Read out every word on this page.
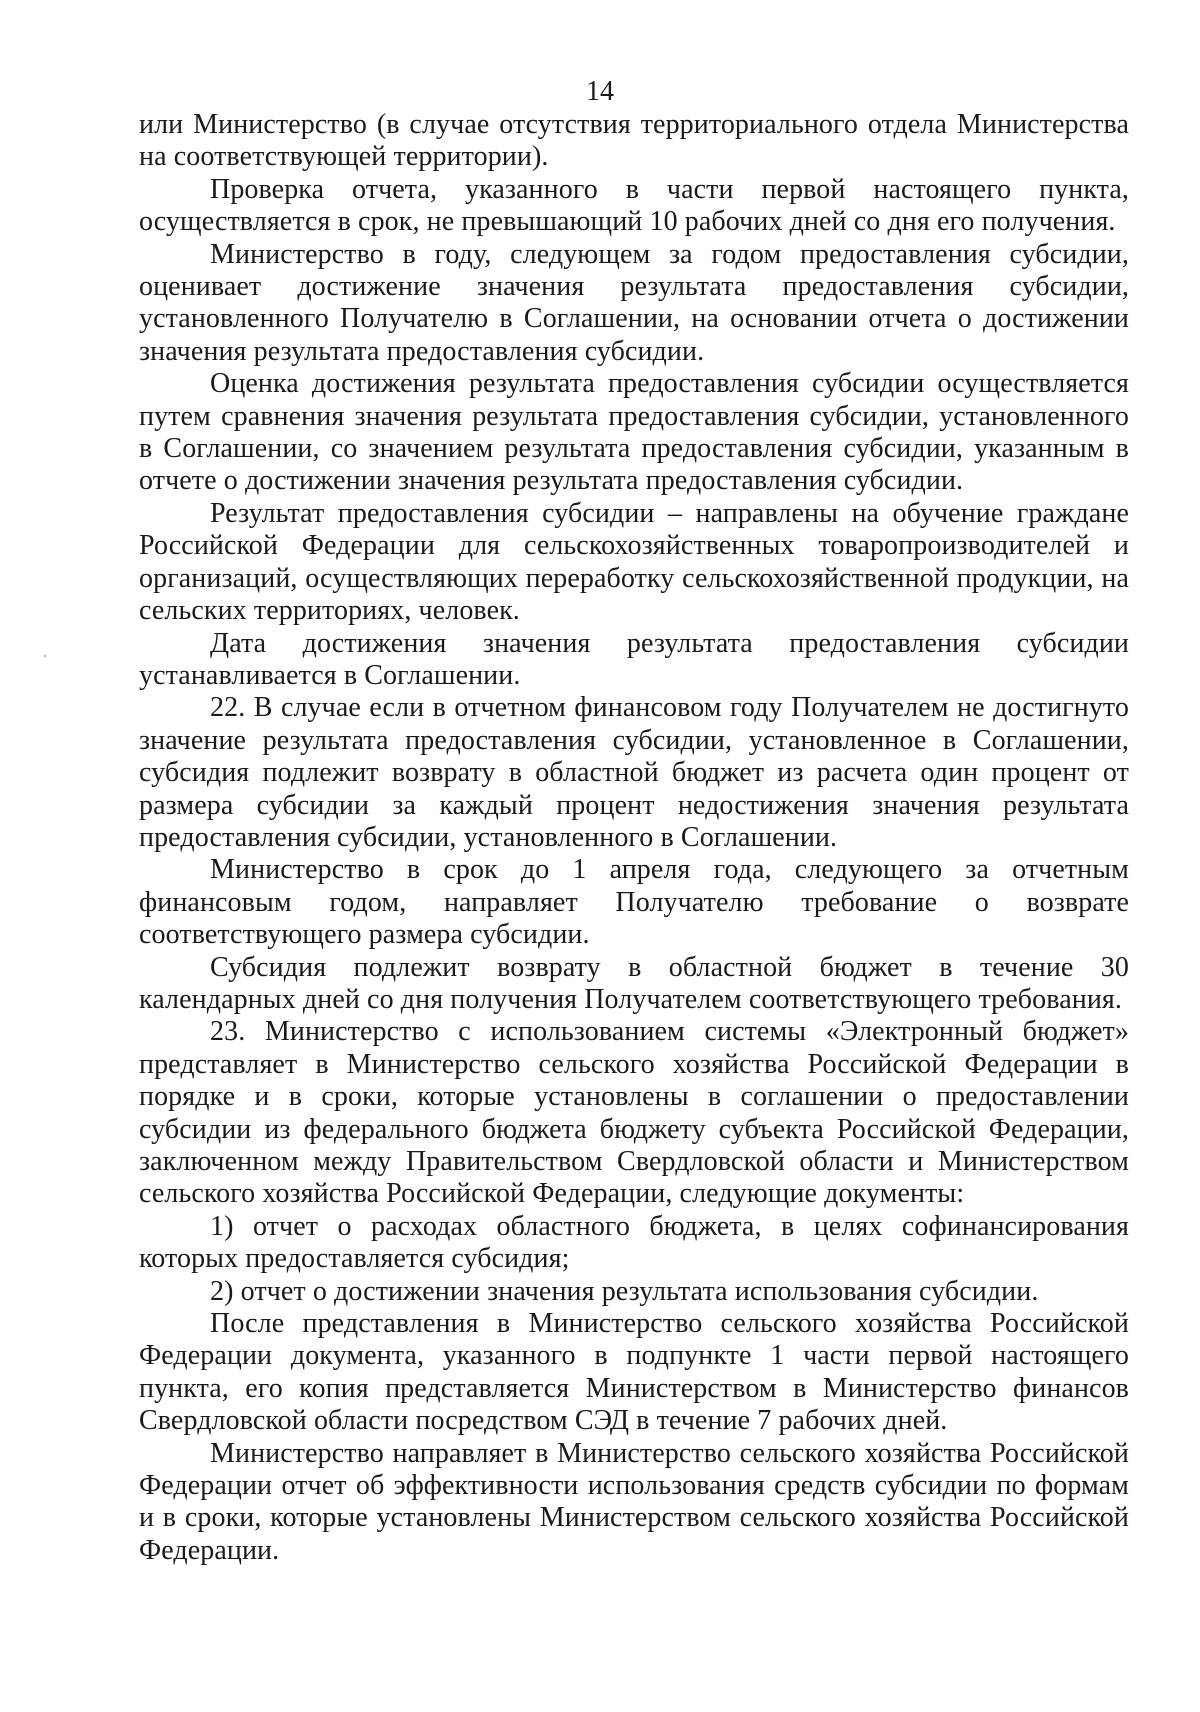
14

или Министерство (в случае отсутствия территориального отдела Министерства на соответствующей территории).

Проверка отчета, указанного в части первой настоящего пункта, осуществляется в срок, не превышающий 10 рабочих дней со дня его получения.

Министерство в году, следующем за годом предоставления субсидии, оценивает достижение значения результата предоставления субсидии, установленного Получателю в Соглашении, на основании отчета о достижении значения результата предоставления субсидии.

Оценка достижения результата предоставления субсидии осуществляется путем сравнения значения результата предоставления субсидии, установленного в Соглашении, со значением результата предоставления субсидии, указанным в отчете о достижении значения результата предоставления субсидии.

Результат предоставления субсидии – направлены на обучение граждане Российской Федерации для сельскохозяйственных товаропроизводителей и организаций, осуществляющих переработку сельскохозяйственной продукции, на сельских территориях, человек.

Дата достижения значения результата предоставления субсидии устанавливается в Соглашении.

22. В случае если в отчетном финансовом году Получателем не достигнуто значение результата предоставления субсидии, установленное в Соглашении, субсидия подлежит возврату в областной бюджет из расчета один процент от размера субсидии за каждый процент недостижения значения результата предоставления субсидии, установленного в Соглашении.

Министерство в срок до 1 апреля года, следующего за отчетным финансовым годом, направляет Получателю требование о возврате соответствующего размера субсидии.

Субсидия подлежит возврату в областной бюджет в течение 30 календарных дней со дня получения Получателем соответствующего требования.

23. Министерство с использованием системы «Электронный бюджет» представляет в Министерство сельского хозяйства Российской Федерации в порядке и в сроки, которые установлены в соглашении о предоставлении субсидии из федерального бюджета бюджету субъекта Российской Федерации, заключенном между Правительством Свердловской области и Министерством сельского хозяйства Российской Федерации, следующие документы:

1) отчет о расходах областного бюджета, в целях софинансирования которых предоставляется субсидия;

2) отчет о достижении значения результата использования субсидии.

После представления в Министерство сельского хозяйства Российской Федерации документа, указанного в подпункте 1 части первой настоящего пункта, его копия представляется Министерством в Министерство финансов Свердловской области посредством СЭД в течение 7 рабочих дней.

Министерство направляет в Министерство сельского хозяйства Российской Федерации отчет об эффективности использования средств субсидии по формам и в сроки, которые установлены Министерством сельского хозяйства Российской Федерации.
